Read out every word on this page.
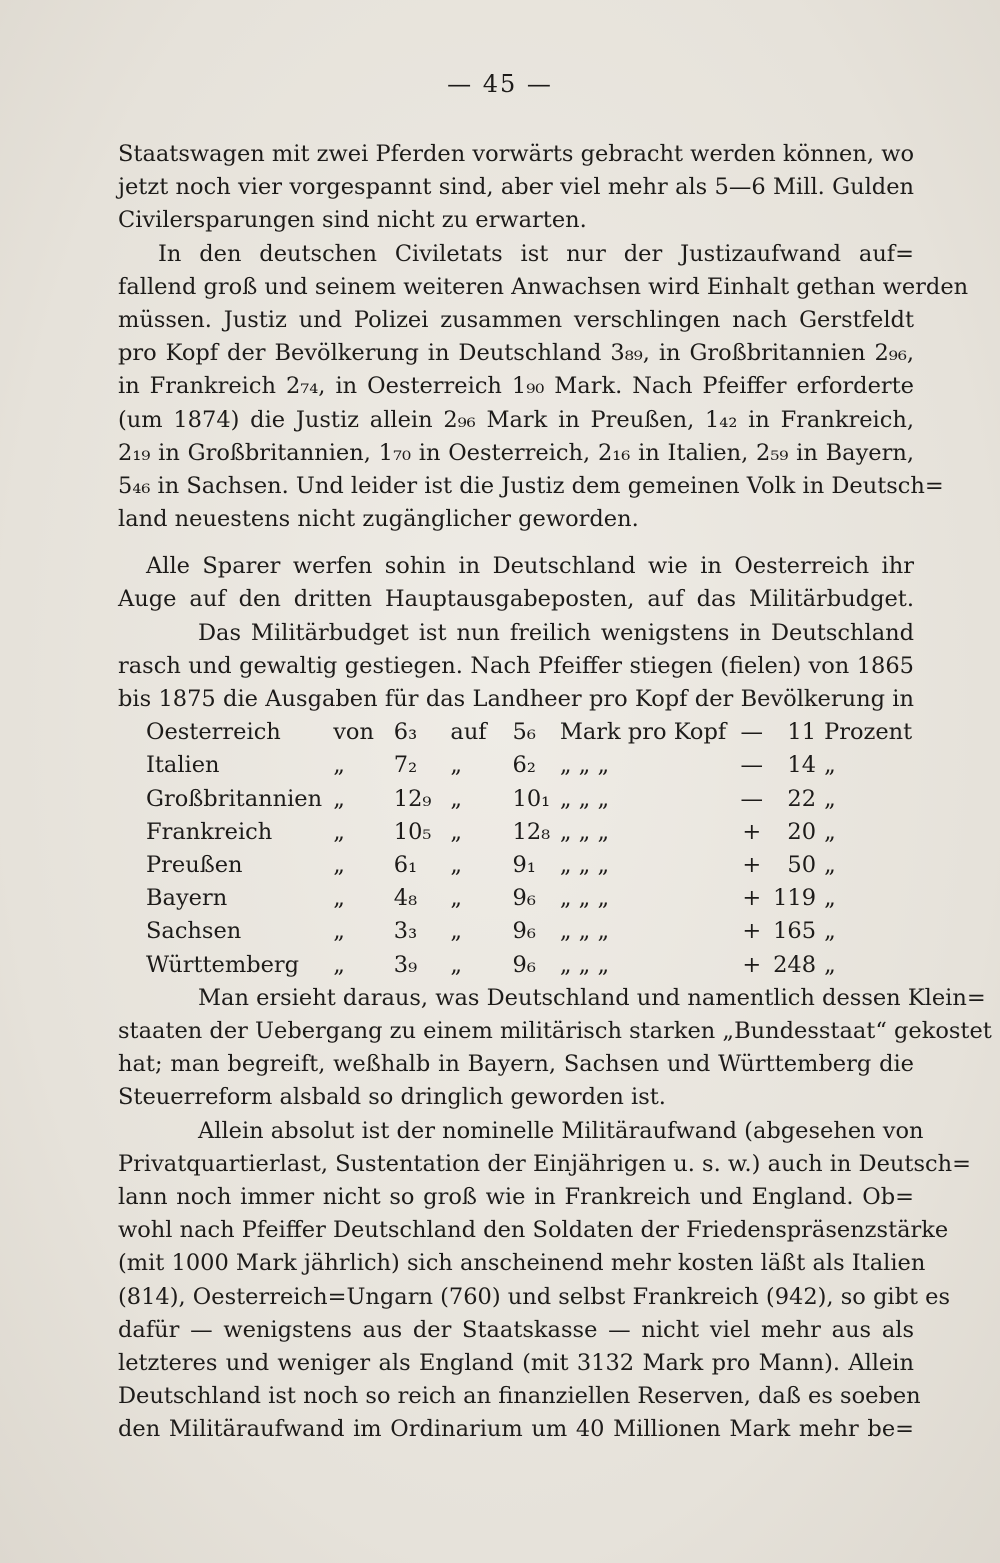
— 45 —
Staatswagen mit zwei Pferden vorwärts gebracht werden können, wo
jetzt noch vier vorgespannt sind, aber viel mehr als 5—6 Mill. Gulden
Civilersparungen sind nicht zu erwarten.
In den deutschen Civiletats ist nur der Justizaufwand auf=
fallend groß und seinem weiteren Anwachsen wird Einhalt gethan werden
müssen. Justiz und Polizei zusammen verschlingen nach Gerstfeldt
pro Kopf der Bevölkerung in Deutschland 3₈₉, in Großbritannien 2₉₆,
in Frankreich 2₇₄, in Oesterreich 1₉₀ Mark. Nach Pfeiffer erforderte
(um 1874) die Justiz allein 2₉₆ Mark in Preußen, 1₄₂ in Frankreich,
2₁₉ in Großbritannien, 1₇₀ in Oesterreich, 2₁₆ in Italien, 2₅₉ in Bayern,
5₄₆ in Sachsen. Und leider ist die Justiz dem gemeinen Volk in Deutsch=
land neuestens nicht zugänglicher geworden.
Alle Sparer werfen sohin in Deutschland wie in Oesterreich ihr
Auge auf den dritten Hauptausgabeposten, auf das Militärbudget.
Das Militärbudget ist nun freilich wenigstens in Deutschland
rasch und gewaltig gestiegen. Nach Pfeiffer stiegen (fielen) von 1865
bis 1875 die Ausgaben für das Landheer pro Kopf der Bevölkerung in
Oesterreich	von	6₃	auf	5₆	Mark pro Kopf	—	11	Prozent
Italien	„	7₂	„	6₂	„ „ „	—	14	„
Großbritannien	„	12₉	„	10₁	„ „ „	—	22	„
Frankreich	„	10₅	„	12₈	„ „ „	+	20	„
Preußen	„	6₁	„	9₁	„ „ „	+	50	„
Bayern	„	4₈	„	9₆	„ „ „	+	119	„
Sachsen	„	3₃	„	9₆	„ „ „	+	165	„
Württemberg	„	3₉	„	9₆	„ „ „	+	248	„
Man ersieht daraus, was Deutschland und namentlich dessen Klein=
staaten der Uebergang zu einem militärisch starken „Bundesstaat“ gekostet
hat; man begreift, weßhalb in Bayern, Sachsen und Württemberg die
Steuerreform alsbald so dringlich geworden ist.
Allein absolut ist der nominelle Militäraufwand (abgesehen von
Privatquartierlast, Sustentation der Einjährigen u. s. w.) auch in Deutsch=
lann noch immer nicht so groß wie in Frankreich und England. Ob=
wohl nach Pfeiffer Deutschland den Soldaten der Friedenspräsenzstärke
(mit 1000 Mark jährlich) sich anscheinend mehr kosten läßt als Italien
(814), Oesterreich=Ungarn (760) und selbst Frankreich (942), so gibt es
dafür — wenigstens aus der Staatskasse — nicht viel mehr aus als
letzteres und weniger als England (mit 3132 Mark pro Mann). Allein
Deutschland ist noch so reich an finanziellen Reserven, daß es soeben
den Militäraufwand im Ordinarium um 40 Millionen Mark mehr be=
